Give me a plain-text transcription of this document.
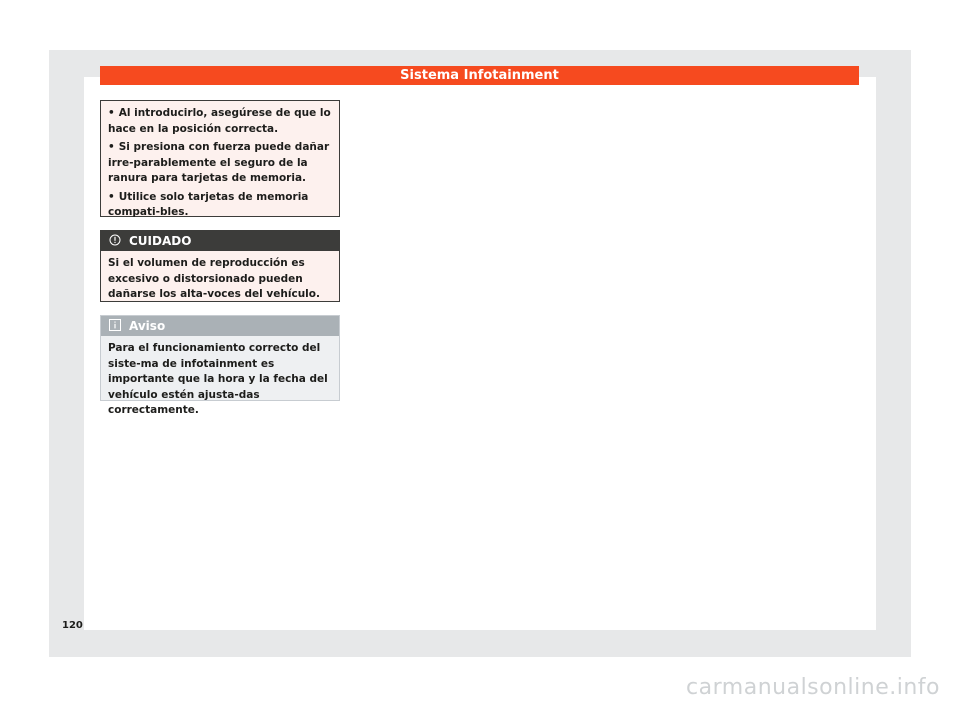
Sistema Infotainment
• Al introducirlo, asegúrese de que lo hace en la posición correcta.
• Si presiona con fuerza puede dañar irre-parablemente el seguro de la ranura para tarjetas de memoria.
• Utilice solo tarjetas de memoria compati-bles.
CUIDADO
Si el volumen de reproducción es excesivo o distorsionado pueden dañarse los alta-voces del vehículo.
Aviso
Para el funcionamiento correcto del siste-ma de infotainment es importante que la hora y la fecha del vehículo estén ajusta-das correctamente.
120
carmanualsonline.info
